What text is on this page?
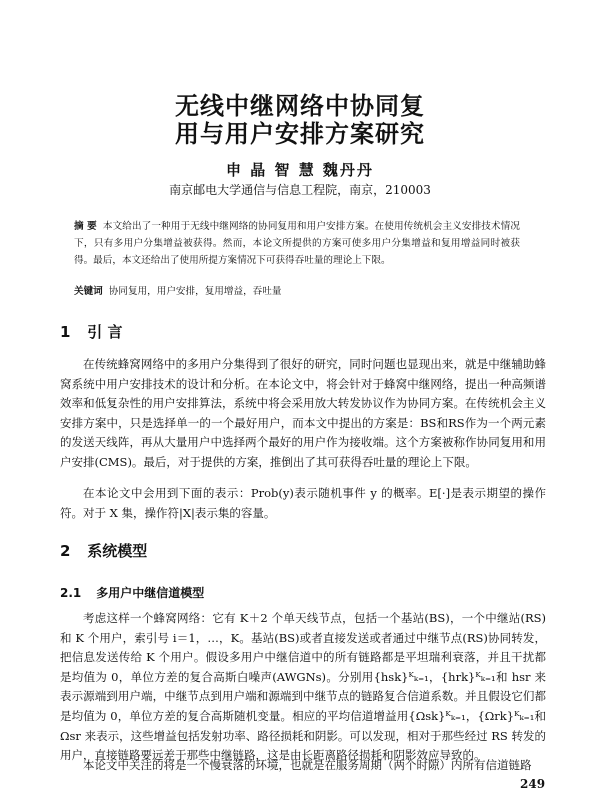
无线中继网络中协同复
用与用户安排方案研究
申 晶 智 慧 魏丹丹
南京邮电大学通信与信息工程院，南京，210003
摘 要 本文给出了一种用于无线中继网络的协同复用和用户安排方案。在使用传统机会主义安排技术情况下，只有多用户分集增益被获得。然而，本论文所提供的方案可使多用户分集增益和复用增益同时被获得。最后，本文还给出了使用所提方案情况下可获得吞吐量的理论上下限。
关键词 协同复用，用户安排，复用增益，吞吐量
1 引 言

在传统蜂窝网络中的多用户分集得到了很好的研究，同时问题也显现出来，就是中继辅助蜂窝系统中用户安排技术的设计和分析。在本论文中，将会针对于蜂窝中继网络，提出一种高频谱效率和低复杂性的用户安排算法，系统中将会采用放大转发协议作为协同方案。在传统机会主义安排方案中，只是选择单一的一个最好用户，而本文中提出的方案是：BS和RS作为一个两元素的发送天线阵，再从大量用户中选择两个最好的用户作为接收端。这个方案被称作协同复用和用户安排(CMS)。最后，对于提供的方案，推倒出了其可获得吞吐量的理论上下限。

在本论文中会用到下面的表示：Prob(y)表示随机事件 y 的概率。E[·]是表示期望的操作符。对于 X 集，操作符|X|表示集的容量。

2 系统模型
2.1 多用户中继信道模型

考虑这样一个蜂窝网络：它有 K＋2 个单天线节点，包括一个基站(BS)，一个中继站(RS)和 K 个用户，索引号 i＝1，…，K。基站(BS)或者直接发送或者通过中继节点(RS)协同转发，把信息发送传给 K 个用户。假设多用户中继信道中的所有链路都是平坦瑞利衰落，并且干扰都是均值为 0，单位方差的复合高斯白噪声(AWGNs)。分别用{hsk}ᴷₖ₌₁，{hrk}ᴷₖ₌₁和 hsr 来表示源端到用户端，中继节点到用户端和源端到中继节点的链路复合信道系数。并且假设它们都是均值为 0，单位方差的复合高斯随机变量。相应的平均信道增益用{Ωsk}ᴷₖ₌₁，{Ωrk}ᴷₖ₌₁和 Ωsr 来表示，这些增益包括发射功率、路径损耗和阴影。可以发现，相对于那些经过 RS 转发的用户，直接链路要远差于那些中继链路，这是由长距离路径损耗和阴影效应导致的。

本论文中关注的将是一个慢衰落的环境，也就是在服务周期（两个时隙）内所有信道链路

249
